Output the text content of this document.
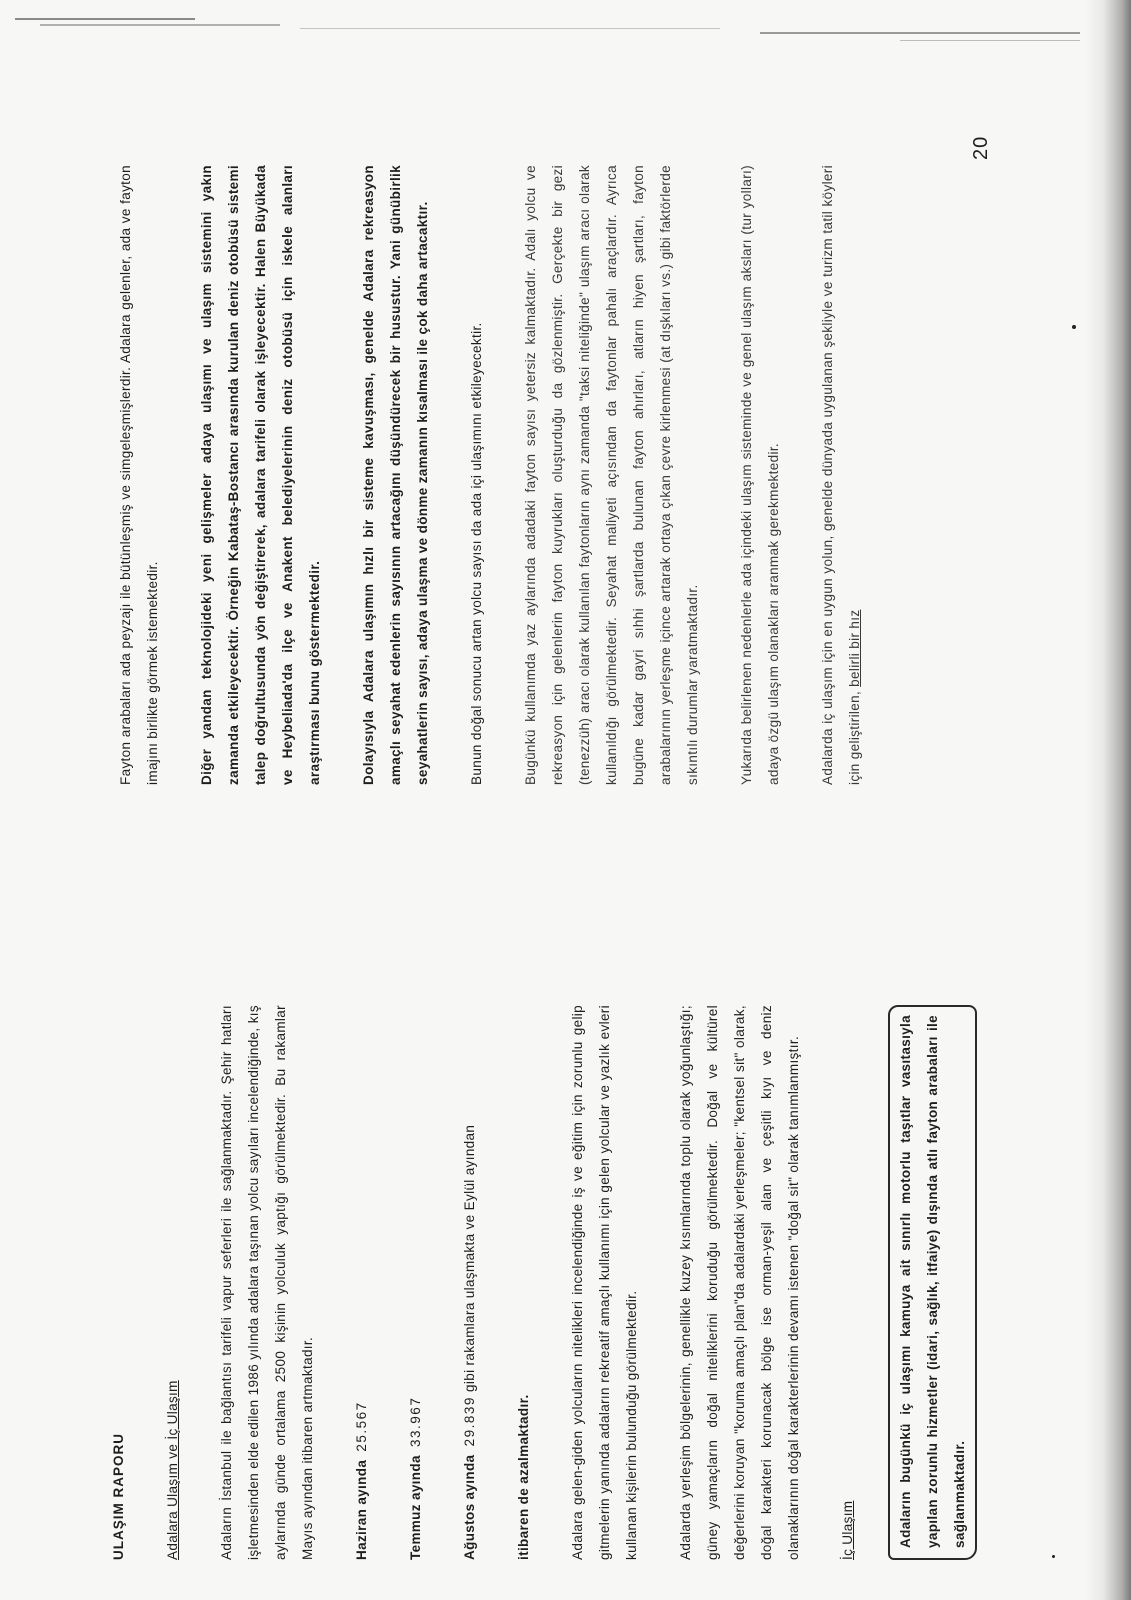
ULAŞIM RAPORU	Adalara Ulaşım ve İç Ulaşım	Adaların İstanbul ile bağlantısı tarifeli vapur seferleri ile sağlanmaktadır. Şehir hatları işletmesinden elde edilen 1986 yılında adalara taşınan yolcu sayıları incelendiğinde, kış aylarında günde ortalama 2500 kişinin yolculuk yaptığı görülmektedir. Bu rakamlar Mayıs ayından itibaren artmaktadır.	Haziran ayında  25.567

Temmuz ayında  33.967

Ağustos ayında  29.839 gibi rakamlara ulaşmakta ve Eylül ayından

itibaren de azalmaktadır.	Adalara gelen-giden yolcuların nitelikleri incelendiğinde iş ve eğitim için zorunlu gelip gitmelerin yanında adaların rekreatif amaçlı kullanımı için gelen yolcular ve yazlık evleri kullanan kişilerin bulunduğu görülmektedir.	Adalarda yerleşim bölgelerinin, genellikle kuzey kısımlarında toplu olarak yoğunlaştığı; güney yamaçların doğal niteliklerini koruduğu görülmektedir. Doğal ve kültürel değerlerini koruyan "koruma amaçlı plan"da adalardaki yerleşmeler; "kentsel sit" olarak, doğal karakteri korunacak bölge ise orman-yeşil alan ve çeşitli kıyı ve deniz olanaklarının doğal karakterlerinin devamı istenen "doğal sit" olarak tanımlanmıştır.	İç Ulaşım	Adaların bugünkü iç ulaşımı kamuya ait sınırlı motorlu taşıtlar vasıtasıyla yapılan zorunlu hizmetler (idari, sağlık, itfaiye) dışında atlı fayton arabaları ile sağlanmaktadır.

Fayton arabaları ada peyzajı ile bütünleşmiş ve simgeleşmişlerdir. Adalara gelenler, ada ve fayton imajını birlikte görmek istemektedir.	Diğer yandan teknolojideki yeni gelişmeler adaya ulaşımı ve ulaşım sistemini yakın zamanda etkileyecektir. Örneğin Kabataş-Bostancı arasında kurulan deniz otobüsü sistemi talep doğrultusunda yön değiştirerek, adalara tarifeli olarak işleyecektir. Halen Büyükada ve Heybeliada'da ilçe ve Anakent belediyelerinin deniz otobüsü için iskele alanları araştırması bunu göstermektedir.	Dolayısıyla Adalara ulaşımın hızlı bir sisteme kavuşması, genelde Adalara rekreasyon amaçlı seyahat edenlerin sayısının artacağını düşündürecek bir husustur. Yani günübirlik seyahatlerin sayısı, adaya ulaşma ve dönme zamanın kısalması ile çok daha artacaktır.	Bunun doğal sonucu artan yolcu sayısı da ada içi ulaşımını etkileyecektir.	Bugünkü kullanımda yaz aylarında adadaki fayton sayısı yetersiz kalmaktadır. Adalı yolcu ve rekreasyon için gelenlerin fayton kuyrukları oluşturduğu da gözlenmiştir. Gerçekte bir gezi (tenezzüh) aracı olarak kullanılan faytonların aynı zamanda "taksi niteliğinde" ulaşım aracı olarak kullanıldığı görülmektedir. Seyahat maliyeti açısından da faytonlar pahalı araçlardır. Ayrıca bugüne kadar gayri sıhhi şartlarda bulunan fayton ahırları, atların hiyen şartları, fayton arabalarının yerleşme içince artarak ortaya çıkan çevre kirlenmesi (at dışkıları vs.) gibi faktörlerde sıkıntılı durumlar yaratmaktadır.	Yukarıda belirlenen nedenlerle ada içindeki ulaşım sisteminde ve genel ulaşım aksları (tur yolları) adaya özgü ulaşım olanakları aranmak gerekmektedir.	Adalarda iç ulaşım için en uygun yolun, genelde dünyada uygulanan şekliyle ve turizm tatil köyleri için geliştirilen, belirli bir hız

20
